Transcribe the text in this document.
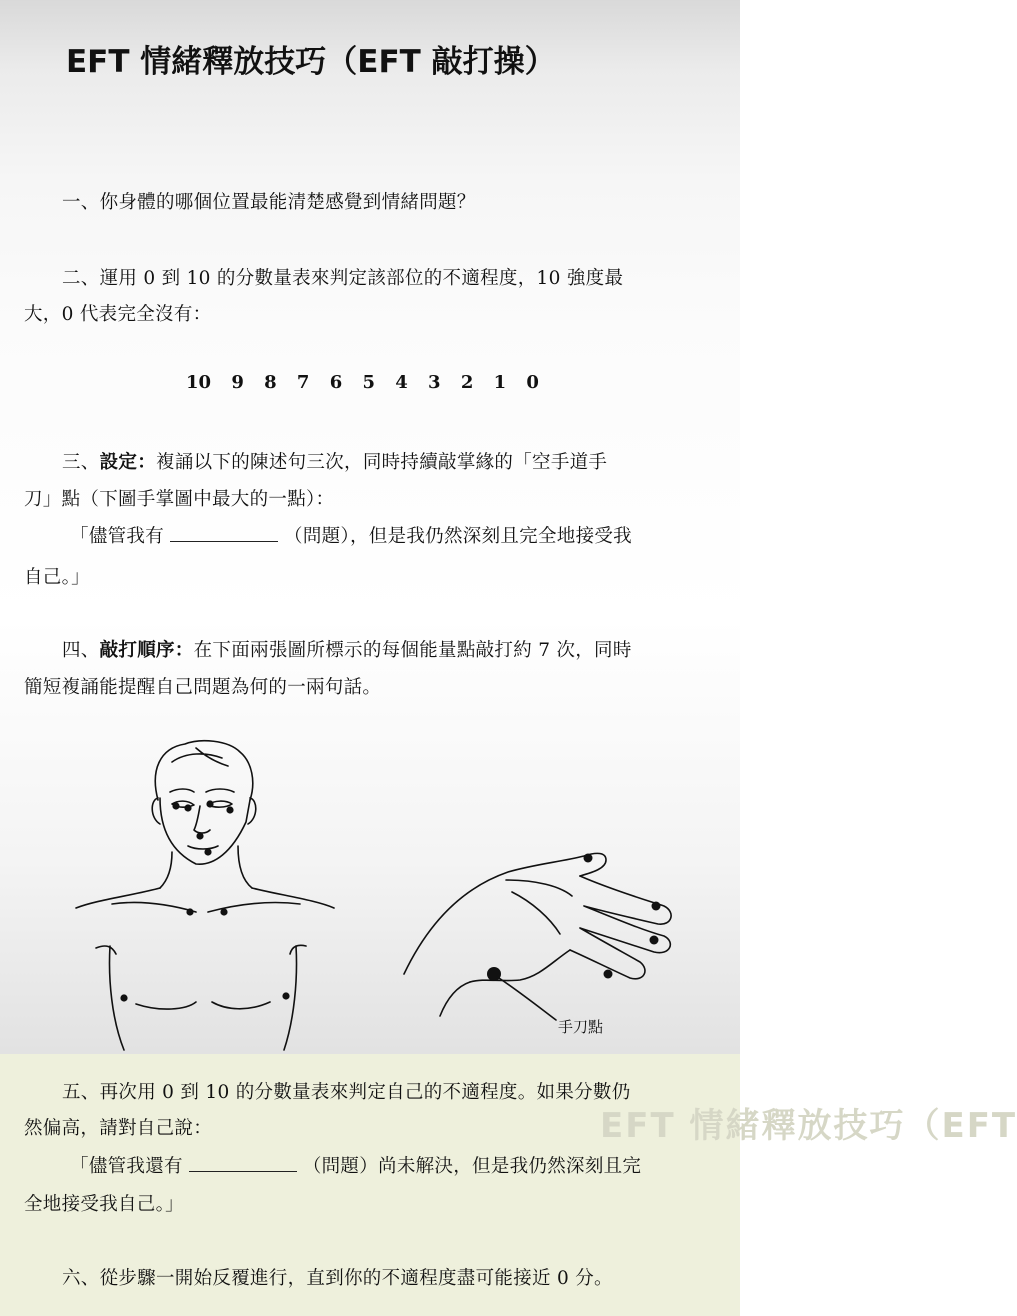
EFT 情緒釋放技巧（EFT
EFT 情緒釋放技巧（EFT 敲打操）
一、你身體的哪個位置最能清楚感覺到情緒問題？
二、運用 0 到 10 的分數量表來判定該部位的不適程度，10 強度最
大，0 代表完全沒有：
10 9 8 7 6 5 4 3 2 1 0
三、設定：複誦以下的陳述句三次，同時持續敲掌緣的「空手道手
刀」點（下圖手掌圖中最大的一點）：
「儘管我有	（問題），但是我仍然深刻且完全地接受我
自己。」
四、敲打順序：在下面兩張圖所標示的每個能量點敲打約 7 次，同時
簡短複誦能提醒自己問題為何的一兩句話。
手刀點
五、再次用 0 到 10 的分數量表來判定自己的不適程度。如果分數仍
然偏高，請對自己說：
「儘管我還有	（問題）尚未解決，但是我仍然深刻且完
全地接受我自己。」
六、從步驟一開始反覆進行，直到你的不適程度盡可能接近 0 分。
